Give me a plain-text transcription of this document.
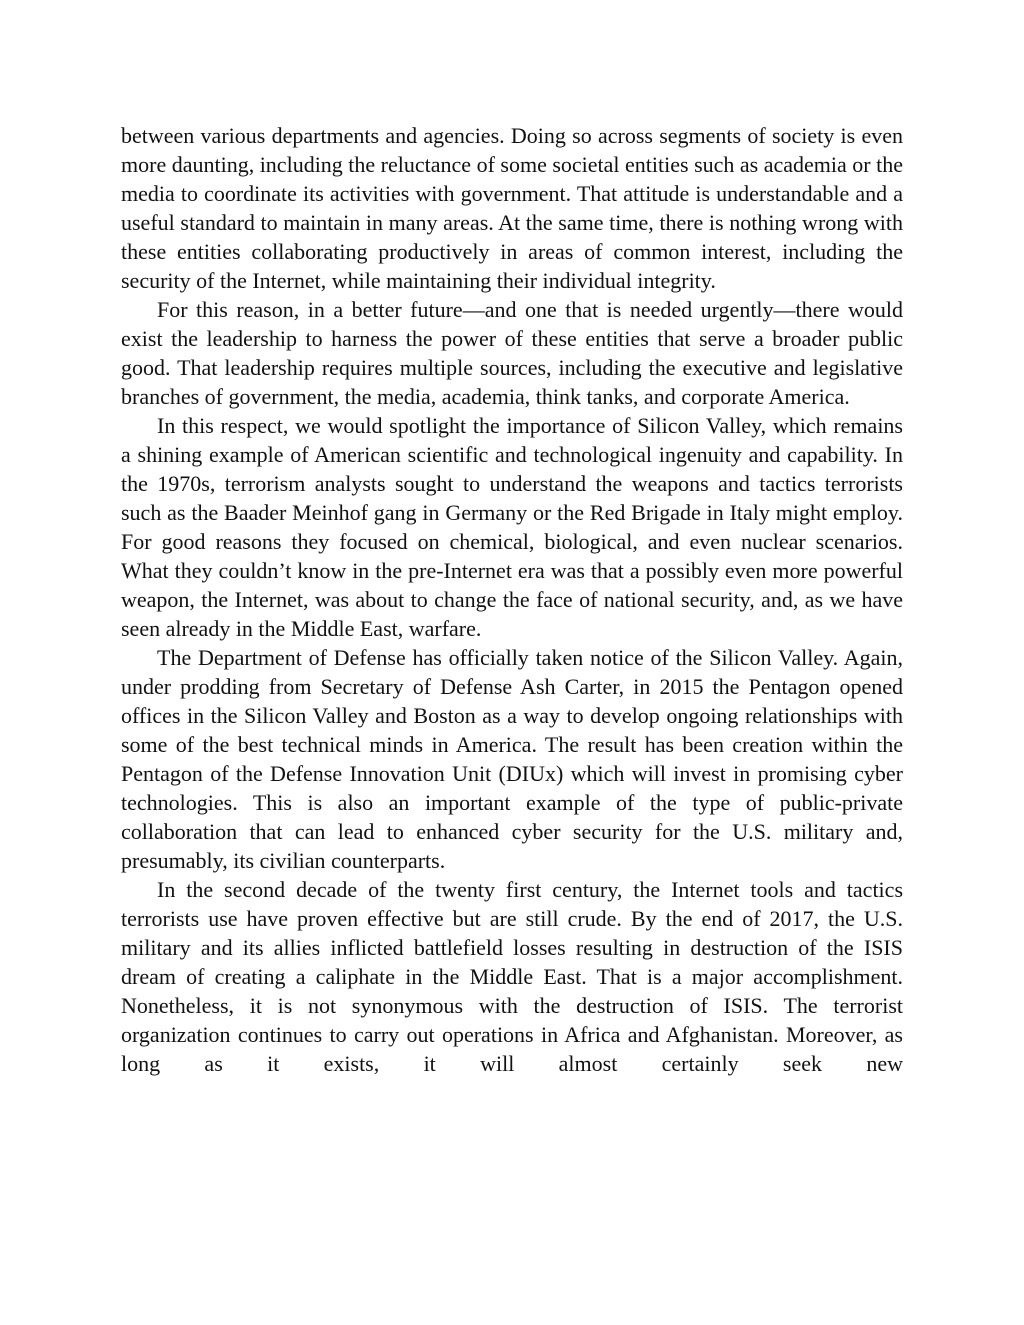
between various departments and agencies. Doing so across segments of society is even more daunting, including the reluctance of some societal entities such as academia or the media to coordinate its activities with government. That attitude is understandable and a useful standard to maintain in many areas. At the same time, there is nothing wrong with these entities collaborating productively in areas of common interest, including the security of the Internet, while maintaining their individual integrity.

For this reason, in a better future—and one that is needed urgently—there would exist the leadership to harness the power of these entities that serve a broader public good. That leadership requires multiple sources, including the executive and legislative branches of government, the media, academia, think tanks, and corporate America.

In this respect, we would spotlight the importance of Silicon Valley, which remains a shining example of American scientific and technological ingenuity and capability. In the 1970s, terrorism analysts sought to understand the weapons and tactics terrorists such as the Baader Meinhof gang in Germany or the Red Brigade in Italy might employ. For good reasons they focused on chemical, biological, and even nuclear scenarios. What they couldn’t know in the pre-Internet era was that a possibly even more powerful weapon, the Internet, was about to change the face of national security, and, as we have seen already in the Middle East, warfare.

The Department of Defense has officially taken notice of the Silicon Valley. Again, under prodding from Secretary of Defense Ash Carter, in 2015 the Pentagon opened offices in the Silicon Valley and Boston as a way to develop ongoing relationships with some of the best technical minds in America. The result has been creation within the Pentagon of the Defense Innovation Unit (DIUx) which will invest in promising cyber technologies. This is also an important example of the type of public-private collaboration that can lead to enhanced cyber security for the U.S. military and, presumably, its civilian counterparts.

In the second decade of the twenty first century, the Internet tools and tactics terrorists use have proven effective but are still crude. By the end of 2017, the U.S. military and its allies inflicted battlefield losses resulting in destruction of the ISIS dream of creating a caliphate in the Middle East. That is a major accomplishment. Nonetheless, it is not synonymous with the destruction of ISIS. The terrorist organization continues to carry out operations in Africa and Afghanistan. Moreover, as long as it exists, it will almost certainly seek new
